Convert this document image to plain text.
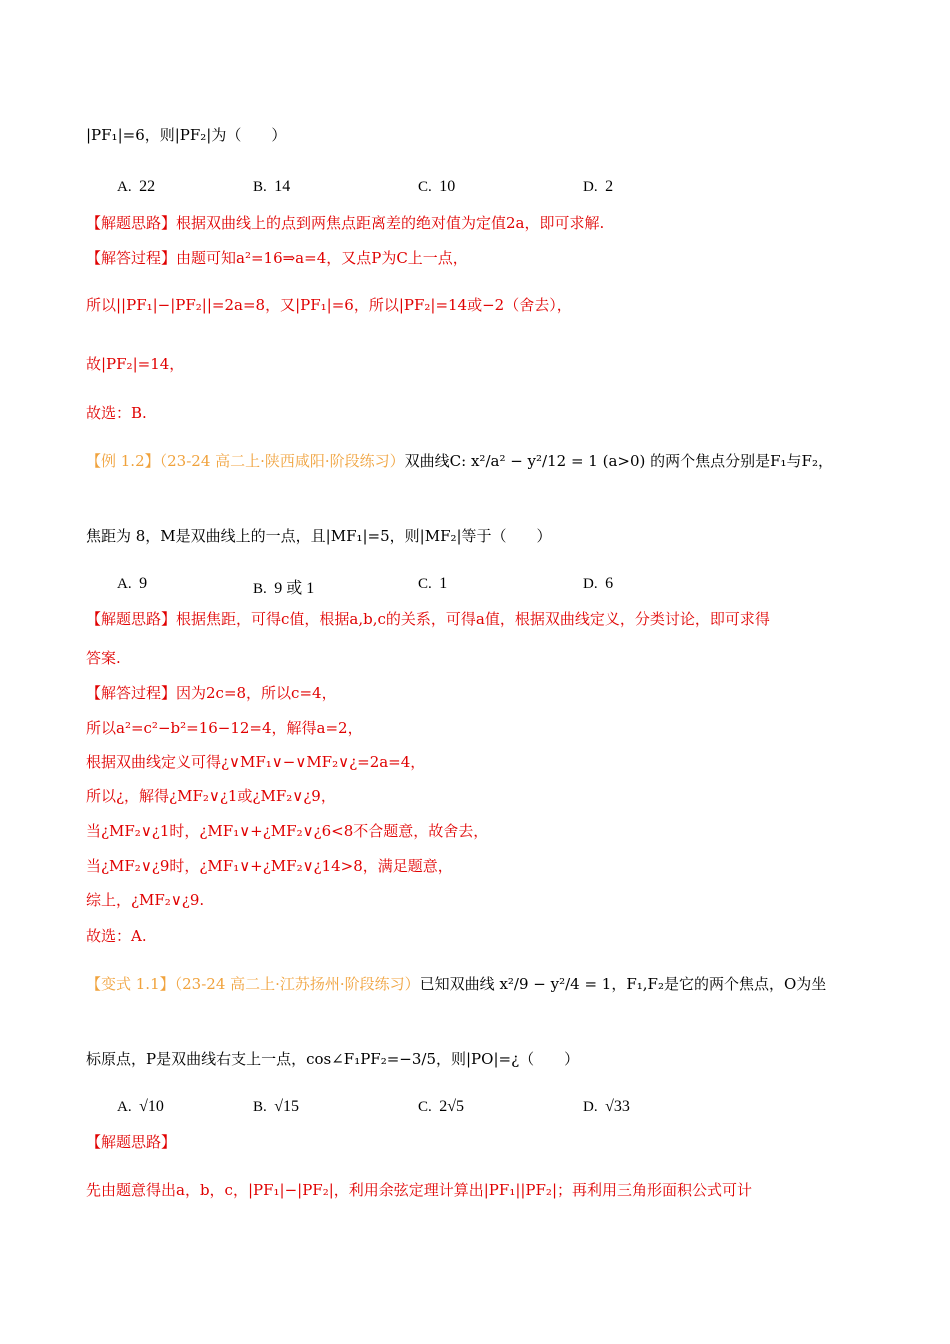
|PF₁|=6，则|PF₂|为（　　）
A. 22	B. 14	C. 10	D. 2
【解题思路】根据双曲线上的点到两焦点距离差的绝对值为定值2a，即可求解.
【解答过程】由题可知a²=16⇒a=4，又点P为C上一点，
所以||PF₁|−|PF₂||=2a=8，又|PF₁|=6，所以|PF₂|=14或−2（舍去），
故|PF₂|=14，
故选：B.
【例 1.2】（23-24 高二上·陕西咸阳·阶段练习）双曲线C: x²/a² − y²/12 = 1 (a>0) 的两个焦点分别是F₁与F₂，
焦距为 8，M是双曲线上的一点，且|MF₁|=5，则|MF₂|等于（　　）
A. 9	B. 9 或 1	C. 1	D. 6
【解题思路】根据焦距，可得c值，根据a,b,c的关系，可得a值，根据双曲线定义，分类讨论，即可求得
答案.
【解答过程】因为2c=8，所以c=4，
所以a²=c²−b²=16−12=4，解得a=2，
根据双曲线定义可得¿∨MF₁∨−∨MF₂∨¿=2a=4，
所以¿，解得¿MF₂∨¿1或¿MF₂∨¿9，
当¿MF₂∨¿1时，¿MF₁∨+¿MF₂∨¿6<8不合题意，故舍去，
当¿MF₂∨¿9时，¿MF₁∨+¿MF₂∨¿14>8，满足题意，
综上，¿MF₂∨¿9.
故选：A.
【变式 1.1】（23-24 高二上·江苏扬州·阶段练习）已知双曲线 x²/9 − y²/4 = 1，F₁,F₂是它的两个焦点，O为坐
标原点，P是双曲线右支上一点，cos∠F₁PF₂=−3/5，则|PO|=¿（　　）
A. √10	B. √15	C. 2√5	D. √33
【解题思路】
先由题意得出a，b，c，|PF₁|−|PF₂|，利用余弦定理计算出|PF₁||PF₂|；再利用三角形面积公式可计
